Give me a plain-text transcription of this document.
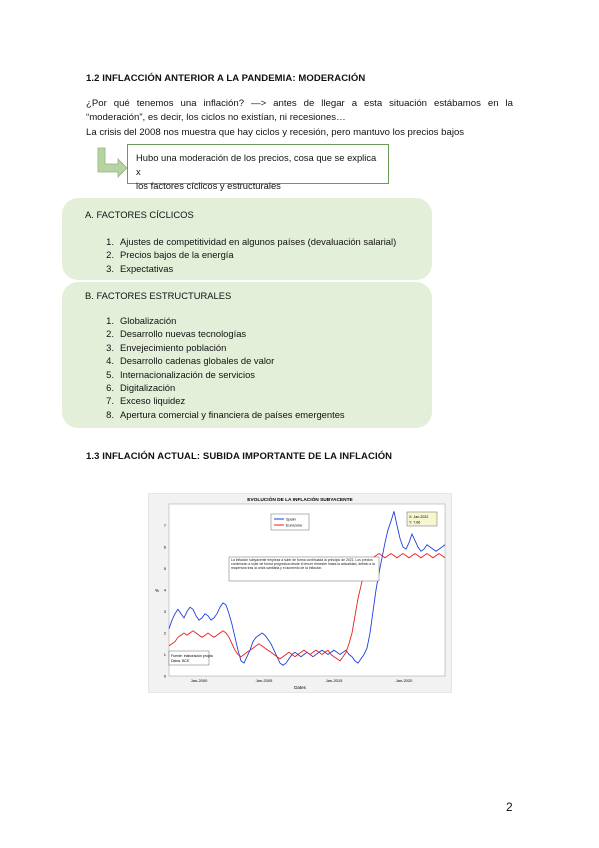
1.2 INFLACCIÓN ANTERIOR A LA PANDEMIA: MODERACIÓN
¿Por qué tenemos una inflación? —> antes de llegar a esta situación estábamos en la
“moderación”, es decir, los ciclos no existían, ni recesiones…
La crisis del 2008 nos muestra que hay ciclos y recesión, pero mantuvo los precios bajos
Hubo una moderación de los precios, cosa que se explica x
los factores cíclicos y estructurales
A. FACTORES CÍCLICOS
1. Ajustes de competitividad en algunos países (devaluación salarial)
2. Precios bajos de la energía
3. Expectativas
B. FACTORES ESTRUCTURALES
1. Globalización
2. Desarrollo nuevas tecnologías
3. Envejecimiento población
4. Desarrollo cadenas globales de valor
5. Internacionalización de servicios
6. Digitalización
7. Exceso liquidez
8. Apertura comercial y financiera de países emergentes
1.3 INFLACIÓN ACTUAL: SUBIDA IMPORTANTE DE LA INFLACIÓN
EVOLUCIÓN DE LA INFLACIÓN SUBYACENTE
Dates
%
0
1
2
3
4
5
6
7
Jan-2000	Jan-2005	Jan-2015	Jan-2020
Spain
Eurozone
La inflación subyacente empieza a subir de forma continuada al principio de 2021. Los precios comienzan a subir de forma progresiva desde el tercer trimestre hasta la actualidad, debido a la reapertura tras la crisis sanitaria y el aumento de la inflación.
Fuente: elaboración propia
Datos: BCE
X: Jan-2022
Y: 7.66
2
